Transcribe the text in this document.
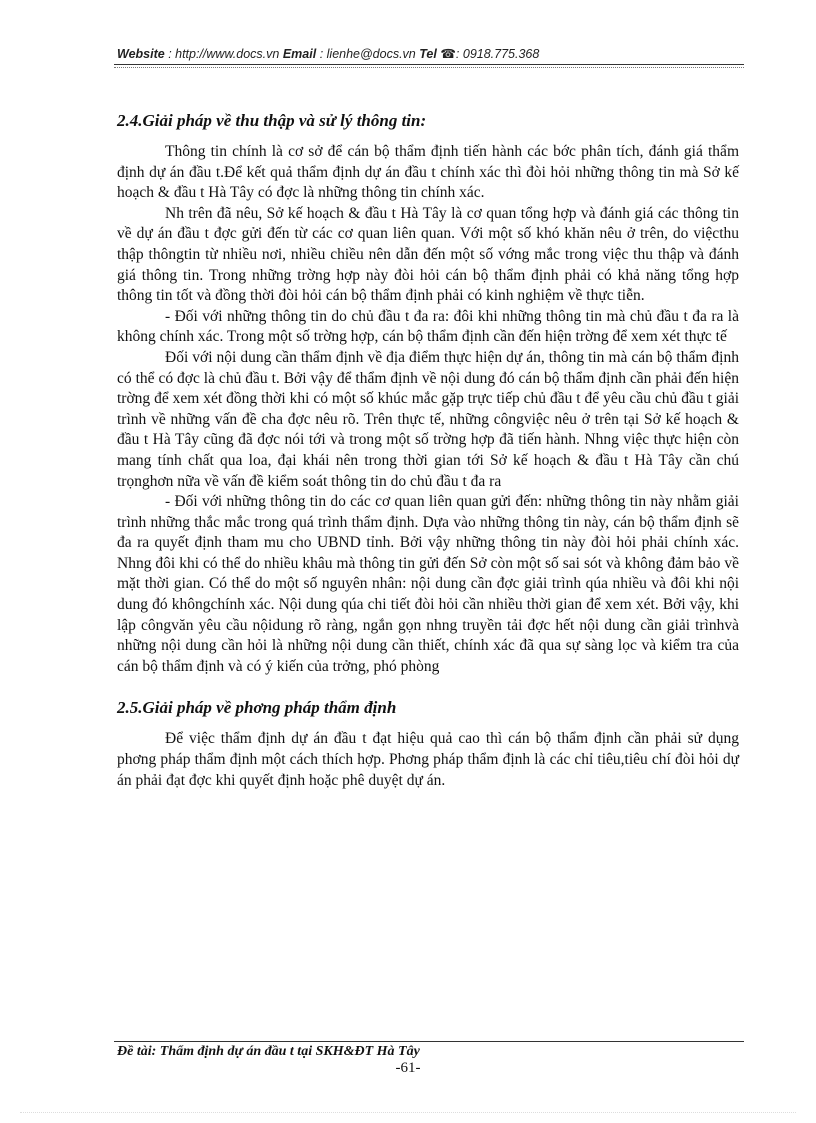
Website : http://www.docs.vn Email : lienhe@docs.vn Tel ☎: 0918.775.368
2.4.Giải pháp về thu thập và sử lý thông tin:

Thông tin chính là cơ sở để cán bộ thẩm định tiến hành các bớc phân tích, đánh giá thẩm định dự án đầu t.Để kết quả thẩm định dự án đầu t chính xác thì đòi hỏi những thông tin mà Sở kế hoạch & đầu t Hà Tây có đợc là những thông tin chính xác.

Nh trên đã nêu, Sở kế hoạch & đầu t Hà Tây là cơ quan tổng hợp và đánh giá các thông tin về dự án đầu t đợc gửi đến từ các cơ quan liên quan. Với một số khó khăn nêu ở trên, do việcthu thập thôngtin từ nhiều nơi, nhiều chiều nên dẫn đến một số vớng mắc trong việc thu thập và đánh giá thông tin. Trong những trờng hợp này đòi hỏi cán bộ thẩm định phải có khả năng tổng hợp thông tin tốt và đồng thời đòi hỏi cán bộ thẩm định phải có kinh nghiệm về thực tiễn.

- Đối với những thông tin do chủ đầu t đa ra: đôi khi những thông tin mà chủ đầu t đa ra là không chính xác. Trong một số trờng hợp, cán bộ thẩm định cần đến hiện trờng để xem xét thực tế

Đối với nội dung cần thẩm định về địa điểm thực hiện dự án, thông tin mà cán bộ thẩm định có thể có đợc là chủ đầu t. Bởi vậy để thẩm định về nội dung đó cán bộ thẩm định cần phải đến hiện trờng để xem xét đồng thời khi có một số khúc mắc gặp trực tiếp chủ đầu t để yêu cầu chủ đầu t giải trình về những vấn đề cha đợc nêu rõ. Trên thực tế, những côngviệc nêu ở trên tại Sở kế hoạch & đầu t Hà Tây cũng đã đợc nói tới và trong một số trờng hợp đã tiến hành. Nhng việc thực hiện còn mang tính chất qua loa, đại khái nên trong thời gian tới Sở kế hoạch & đầu t Hà Tây cần chú trọnghơn nữa về vấn đề kiểm soát thông tin do chủ đầu t đa ra

- Đối với những thông tin do các cơ quan liên quan gửi đến: những thông tin này nhằm giải trình những thắc mắc trong quá trình thẩm định. Dựa vào những thông tin này, cán bộ thẩm định sẽ đa ra quyết định tham mu cho UBND tỉnh. Bởi vậy những thông tin này đòi hỏi phải chính xác. Nhng đôi khi có thể do nhiều khâu mà thông tin gửi đến Sở còn một số sai sót và không đảm bảo về mặt thời gian. Có thể do một số nguyên nhân: nội dung cần đợc giải trình qúa nhiều và đôi khi nội dung đó khôngchính xác. Nội dung qúa chi tiết đòi hỏi cần nhiều thời gian để xem xét. Bởi vậy, khi lập côngvăn yêu cầu nộidung rõ ràng, ngắn gọn nhng truyền tải đợc hết nội dung cần giải trìnhvà những nội dung cần hỏi là những nội dung cần thiết, chính xác đã qua sự sàng lọc và kiểm tra của cán bộ thẩm định và có ý kiến của trởng, phó phòng

2.5.Giải pháp về phơng pháp thẩm định

Để việc thẩm định dự án đầu t đạt hiệu quả cao thì cán bộ thẩm định cần phải sử dụng phơng pháp thẩm định một cách thích hợp. Phơng pháp thẩm định là các chỉ tiêu,tiêu chí đòi hỏi dự án phải đạt đợc khi quyết định hoặc phê duyệt dự án.

Đề tài: Thẩm định dự án đầu t tại SKH&ĐT Hà Tây
-61-
